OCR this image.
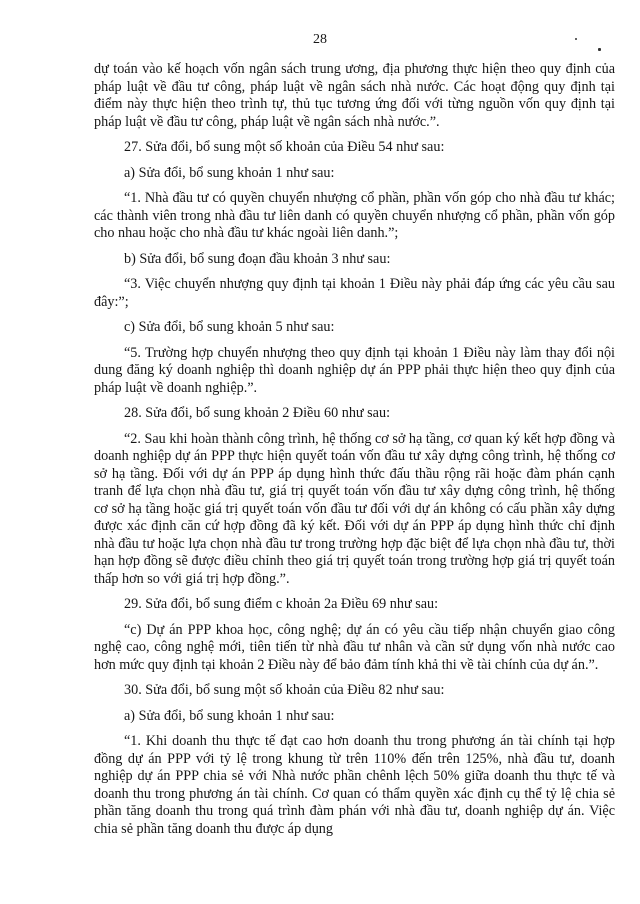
28

dự toán vào kế hoạch vốn ngân sách trung ương, địa phương thực hiện theo quy định của pháp luật về đầu tư công, pháp luật về ngân sách nhà nước. Các hoạt động quy định tại điểm này thực hiện theo trình tự, thủ tục tương ứng đối với từng nguồn vốn quy định tại pháp luật về đầu tư công, pháp luật về ngân sách nhà nước.”.

27. Sửa đổi, bổ sung một số khoản của Điều 54 như sau:

a) Sửa đổi, bổ sung khoản 1 như sau:

“1. Nhà đầu tư có quyền chuyển nhượng cổ phần, phần vốn góp cho nhà đầu tư khác; các thành viên trong nhà đầu tư liên danh có quyền chuyển nhượng cổ phần, phần vốn góp cho nhau hoặc cho nhà đầu tư khác ngoài liên danh.”;

b) Sửa đổi, bổ sung đoạn đầu khoản 3 như sau:

“3. Việc chuyển nhượng quy định tại khoản 1 Điều này phải đáp ứng các yêu cầu sau đây:”;

c) Sửa đổi, bổ sung khoản 5 như sau:

“5. Trường hợp chuyển nhượng theo quy định tại khoản 1 Điều này làm thay đổi nội dung đăng ký doanh nghiệp thì doanh nghiệp dự án PPP phải thực hiện theo quy định của pháp luật về doanh nghiệp.”.

28. Sửa đổi, bổ sung khoản 2 Điều 60 như sau:

“2. Sau khi hoàn thành công trình, hệ thống cơ sở hạ tầng, cơ quan ký kết hợp đồng và doanh nghiệp dự án PPP thực hiện quyết toán vốn đầu tư xây dựng công trình, hệ thống cơ sở hạ tầng. Đối với dự án PPP áp dụng hình thức đấu thầu rộng rãi hoặc đàm phán cạnh tranh để lựa chọn nhà đầu tư, giá trị quyết toán vốn đầu tư xây dựng công trình, hệ thống cơ sở hạ tầng hoặc giá trị quyết toán vốn đầu tư đối với dự án không có cấu phần xây dựng được xác định căn cứ hợp đồng đã ký kết. Đối với dự án PPP áp dụng hình thức chỉ định nhà đầu tư hoặc lựa chọn nhà đầu tư trong trường hợp đặc biệt để lựa chọn nhà đầu tư, thời hạn hợp đồng sẽ được điều chỉnh theo giá trị quyết toán trong trường hợp giá trị quyết toán thấp hơn so với giá trị hợp đồng.”.

29. Sửa đổi, bổ sung điểm c khoản 2a Điều 69 như sau:

“c) Dự án PPP khoa học, công nghệ; dự án có yêu cầu tiếp nhận chuyển giao công nghệ cao, công nghệ mới, tiên tiến từ nhà đầu tư nhân và cần sử dụng vốn nhà nước cao hơn mức quy định tại khoản 2 Điều này để bảo đảm tính khả thi về tài chính của dự án.”.

30. Sửa đổi, bổ sung một số khoản của Điều 82 như sau:

a) Sửa đổi, bổ sung khoản 1 như sau:

“1. Khi doanh thu thực tế đạt cao hơn doanh thu trong phương án tài chính tại hợp đồng dự án PPP với tỷ lệ trong khung từ trên 110% đến trên 125%, nhà đầu tư, doanh nghiệp dự án PPP chia sẻ với Nhà nước phần chênh lệch 50% giữa doanh thu thực tế và doanh thu trong phương án tài chính. Cơ quan có thẩm quyền xác định cụ thể tỷ lệ chia sẻ phần tăng doanh thu trong quá trình đàm phán với nhà đầu tư, doanh nghiệp dự án. Việc chia sẻ phần tăng doanh thu được áp dụng
